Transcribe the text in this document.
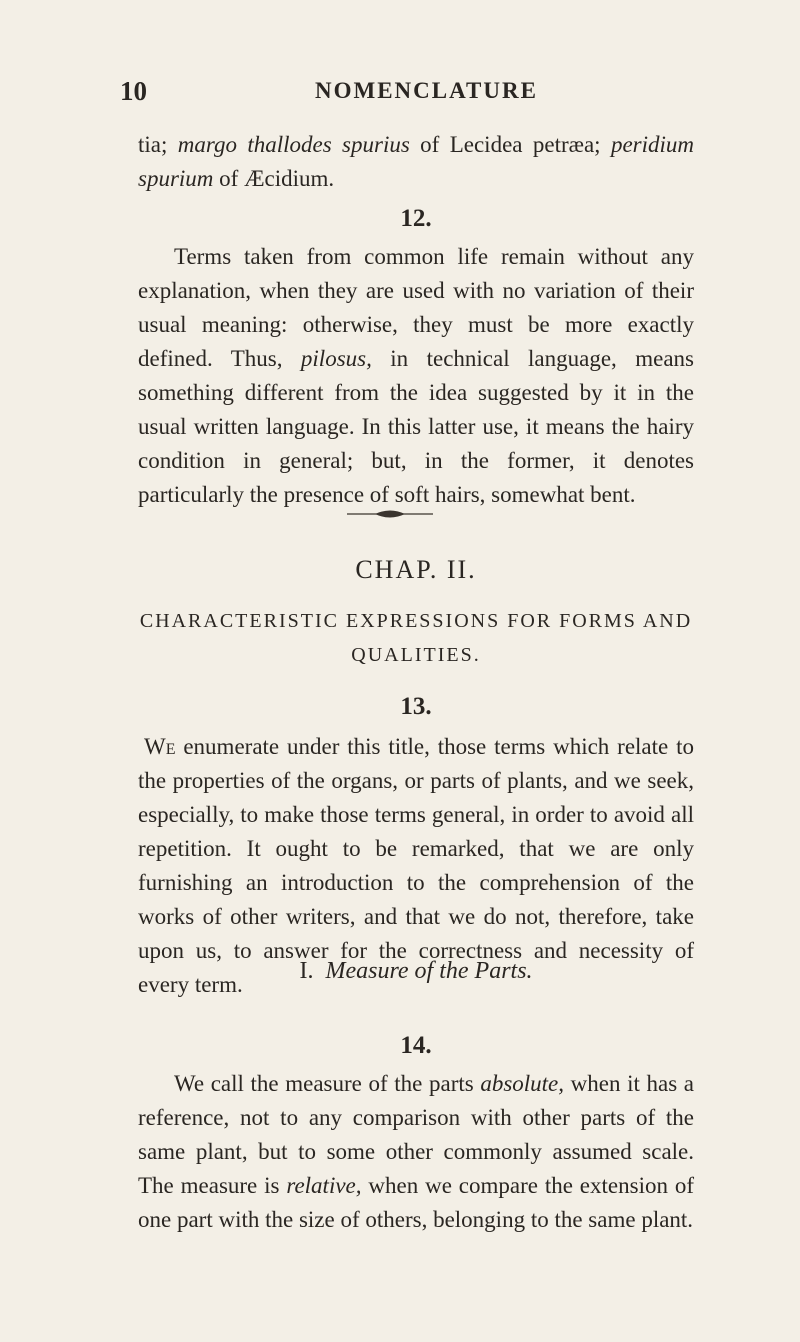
10	NOMENCLATURE

tia; margo thallodes spurius of Lecidea petræa; peridium spurium of Æcidium.

12.

Terms taken from common life remain without any explanation, when they are used with no variation of their usual meaning: otherwise, they must be more exactly defined. Thus, pilosus, in technical language, means something different from the idea suggested by it in the usual written language. In this latter use, it means the hairy condition in general; but, in the former, it denotes particularly the presence of soft hairs, somewhat bent.

CHAP. II.
CHARACTERISTIC EXPRESSIONS FOR FORMS AND
QUALITIES.
13.

We enumerate under this title, those terms which relate to the properties of the organs, or parts of plants, and we seek, especially, to make those terms general, in order to avoid all repetition. It ought to be remarked, that we are only furnishing an introduction to the comprehension of the works of other writers, and that we do not, therefore, take upon us, to answer for the correctness and necessity of every term.

I. Measure of the Parts.
14.

We call the measure of the parts absolute, when it has a reference, not to any comparison with other parts of the same plant, but to some other commonly assumed scale. The measure is relative, when we compare the extension of one part with the size of others, belonging to the same plant.
